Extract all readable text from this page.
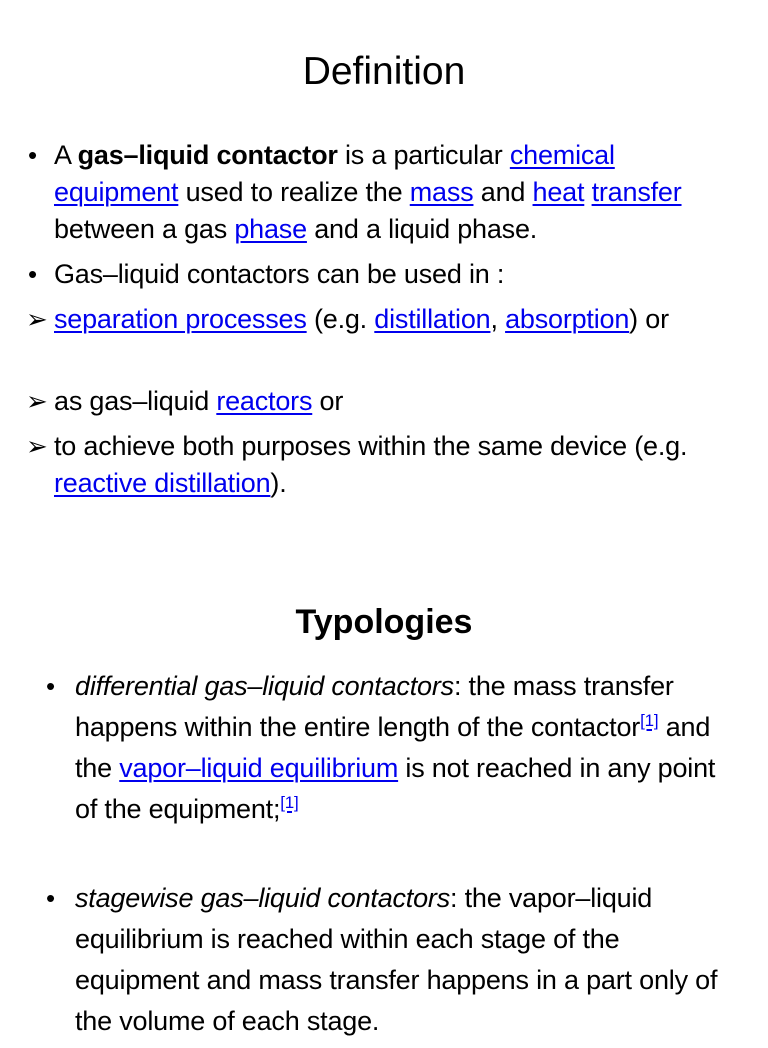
Definition
• A gas–liquid contactor is a particular chemical equipment used to realize the mass and heat transfer between a gas phase and a liquid phase.
• Gas–liquid contactors can be used in :
➢ separation processes (e.g. distillation, absorption) or
➢ as gas–liquid reactors or
➢ to achieve both purposes within the same device (e.g. reactive distillation).
Typologies
• differential gas–liquid contactors: the mass transfer happens within the entire length of the contactor[1] and the vapor–liquid equilibrium is not reached in any point of the equipment;[1]
• stagewise gas–liquid contactors: the vapor–liquid equilibrium is reached within each stage of the equipment and mass transfer happens in a part only of the volume of each stage.
